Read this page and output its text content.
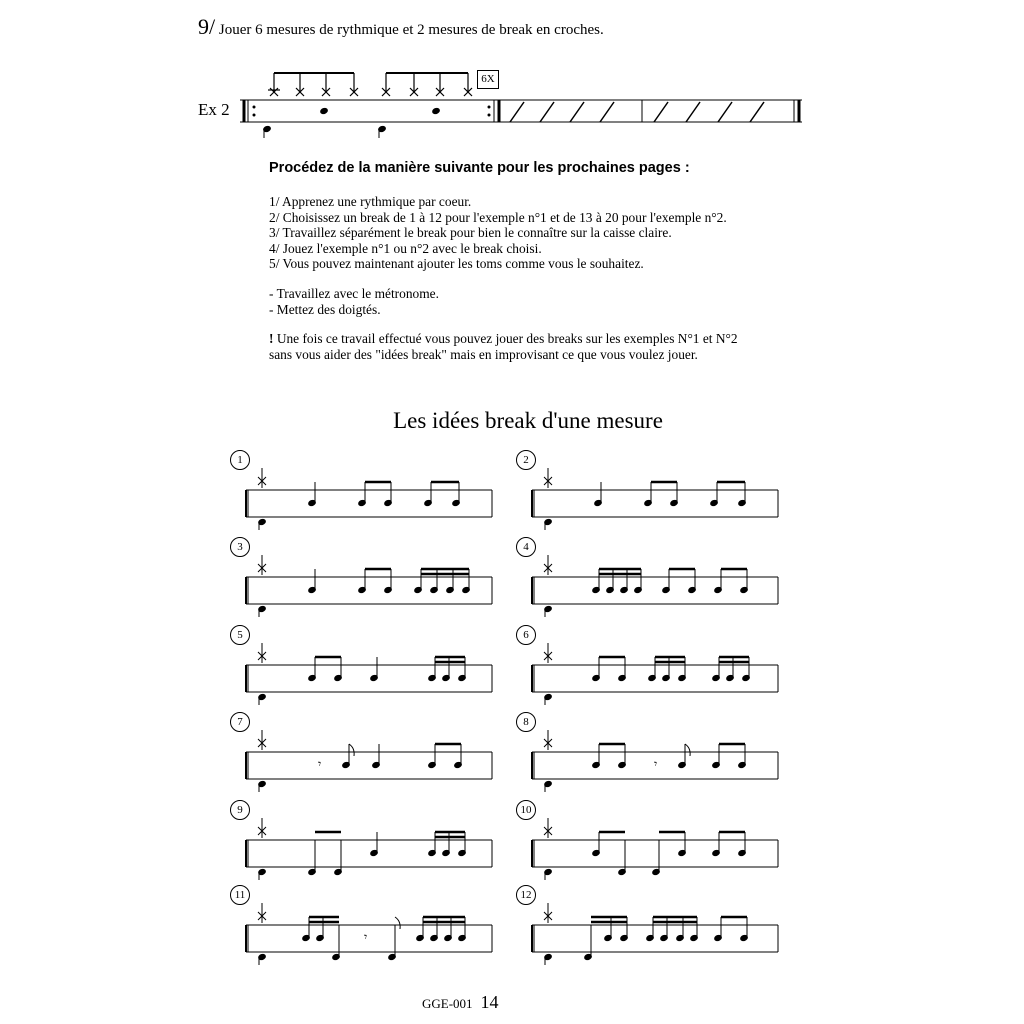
9/ Jouer 6 mesures de rythmique et 2 mesures de break en croches.
Ex 2
6X
Procédez de la manière suivante pour les prochaines pages :
1/ Apprenez une rythmique par coeur.
2/ Choisissez un break de 1 à 12 pour l'exemple n°1 et de 13 à 20 pour l'exemple n°2.
3/ Travaillez séparément le break pour bien le connaître sur la caisse claire.
4/ Jouez l'exemple n°1 ou n°2 avec le break choisi.
5/ Vous pouvez maintenant ajouter les toms comme vous le souhaitez.
- Travaillez avec le métronome.
- Mettez des doigtés.
! Une fois ce travail effectué vous pouvez jouer des breaks sur les exemples N°1 et N°2
sans vous aider des "idées break" mais en improvisant ce que vous voulez jouer.
Les idées break d'une mesure
1	2
3	4
5	6
7
𝄾
8
𝄾
9	10
11
𝄾
12
GGE-001 14
